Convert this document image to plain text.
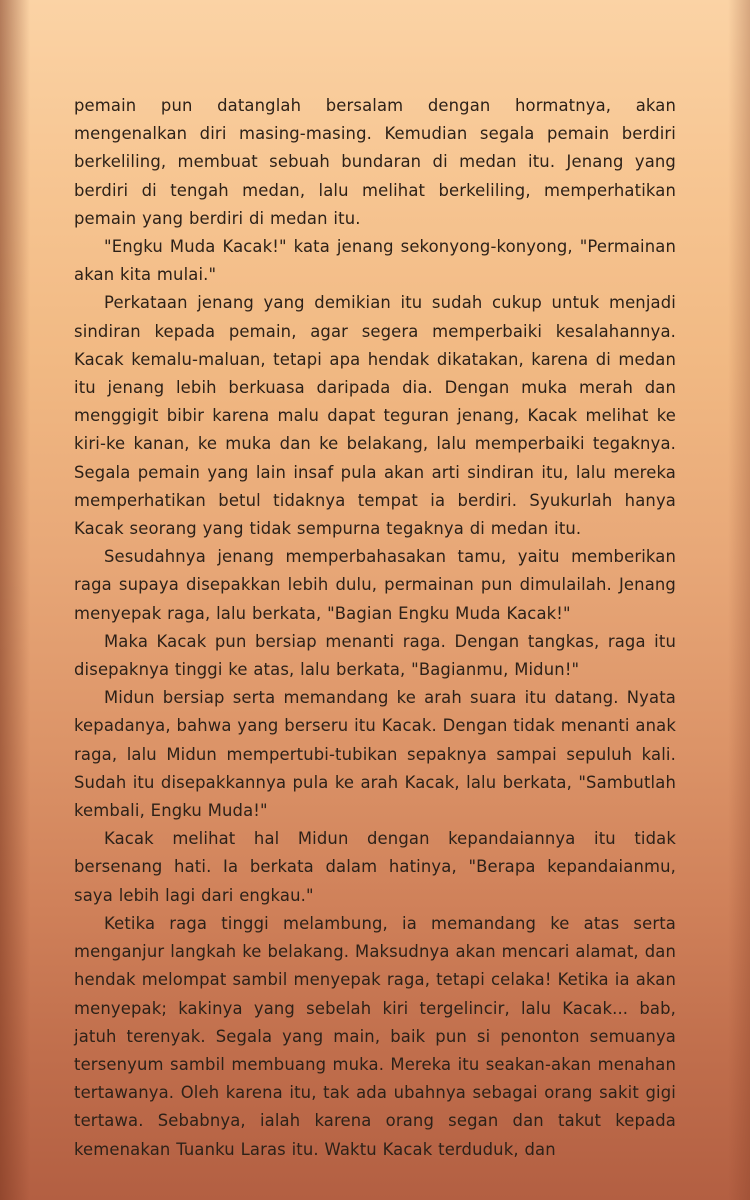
pemain pun datanglah bersalam dengan hormatnya, akan mengenalkan diri masing-masing. Kemudian segala pemain berdiri berkeliling, membuat sebuah bundaran di medan itu. Jenang yang berdiri di tengah medan, lalu melihat berkeliling, memperhatikan pemain yang berdiri di medan itu.

"Engku Muda Kacak!" kata jenang sekonyong-konyong, "Permainan akan kita mulai."

Perkataan jenang yang demikian itu sudah cukup untuk menjadi sindiran kepada pemain, agar segera memperbaiki kesalahannya. Kacak kemalu-maluan, tetapi apa hendak dikatakan, karena di medan itu jenang lebih berkuasa daripada dia. Dengan muka merah dan menggigit bibir karena malu dapat teguran jenang, Kacak melihat ke kiri-ke kanan, ke muka dan ke belakang, lalu memperbaiki tegaknya. Segala pemain yang lain insaf pula akan arti sindiran itu, lalu mereka memperhatikan betul tidaknya tempat ia berdiri. Syukurlah hanya Kacak seorang yang tidak sempurna tegaknya di medan itu.

Sesudahnya jenang memperbahasakan tamu, yaitu memberikan raga supaya disepakkan lebih dulu, permainan pun dimulailah. Jenang menyepak raga, lalu berkata, "Bagian Engku Muda Kacak!"

Maka Kacak pun bersiap menanti raga. Dengan tangkas, raga itu disepaknya tinggi ke atas, lalu berkata, "Bagianmu, Midun!"

Midun bersiap serta memandang ke arah suara itu datang. Nyata kepadanya, bahwa yang berseru itu Kacak. Dengan tidak menanti anak raga, lalu Midun mempertubi-tubikan sepaknya sampai sepuluh kali. Sudah itu disepakkannya pula ke arah Kacak, lalu berkata, "Sambutlah kembali, Engku Muda!"

Kacak melihat hal Midun dengan kepandaiannya itu tidak bersenang hati. Ia berkata dalam hatinya, "Berapa kepandaianmu, saya lebih lagi dari engkau."

Ketika raga tinggi melambung, ia memandang ke atas serta menganjur langkah ke belakang. Maksudnya akan mencari alamat, dan hendak melompat sambil menyepak raga, tetapi celaka! Ketika ia akan menyepak; kakinya yang sebelah kiri tergelincir, lalu Kacak... bab, jatuh terenyak. Segala yang main, baik pun si penonton semuanya tersenyum sambil membuang muka. Mereka itu seakan-akan menahan tertawanya. Oleh karena itu, tak ada ubahnya sebagai orang sakit gigi tertawa. Sebabnya, ialah karena orang segan dan takut kepada kemenakan Tuanku Laras itu. Waktu Kacak terduduk, dan
